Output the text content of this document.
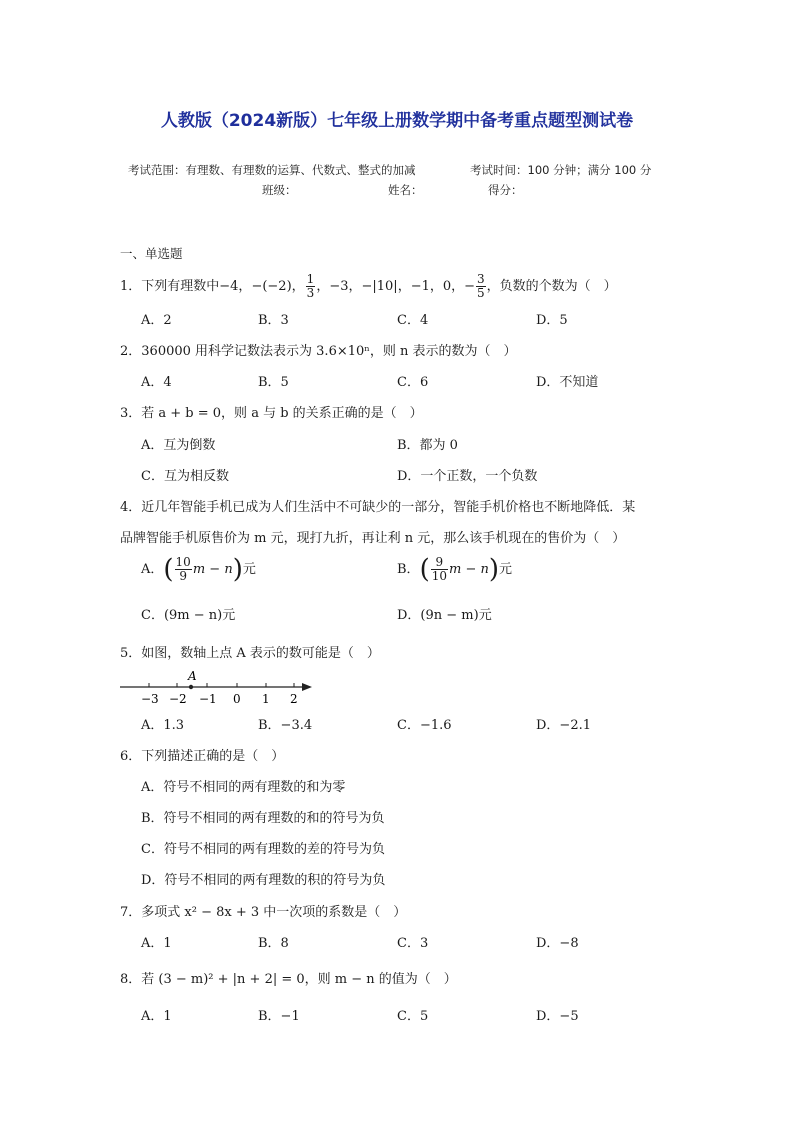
人教版（2024新版）七年级上册数学期中备考重点题型测试卷
考试范围：有理数、有理数的运算、代数式、整式的加减	考试时间：100 分钟；满分 100 分
班级：	姓名：	得分：
一、单选题
1．下列有理数中−4，−(−2)， $\frac{1}{3}$ ，−3，−|10|，−1，0，− $\frac{3}{5}$ ，负数的个数为（　）
A．2	B．3	C．4	D．5
2．360000 用科学记数法表示为 3.6×10ⁿ，则 n 表示的数为（　）
A．4	B．5	C．6	D．不知道
3．若 a + b = 0，则 a 与 b 的关系正确的是（　）
A．互为倒数	B．都为 0
C．互为相反数	D．一个正数，一个负数
4．近几年智能手机已成为人们生活中不可缺少的一部分，智能手机价格也不断地降低．某
品牌智能手机原售价为 m 元，现打九折，再让利 n 元，那么该手机现在的售价为（　）
A．( $\frac{10}{9}$ m − n)元	B．( $\frac{9}{10}$ m − n)元
C．(9m − n)元	D．(9n − m)元
5．如图，数轴上点 A 表示的数可能是（　）
A
−3 −2 −1 0 1 2
A．1.3	B．−3.4	C．−1.6	D．−2.1
6．下列描述正确的是（　）
A．符号不相同的两有理数的和为零
B．符号不相同的两有理数的和的符号为负
C．符号不相同的两有理数的差的符号为负
D．符号不相同的两有理数的积的符号为负
7．多项式 x² − 8x + 3 中一次项的系数是（　）
A．1	B．8	C．3	D．−8
8．若 (3 − m)² + |n + 2| = 0，则 m − n 的值为（　）
A．1	B．−1	C．5	D．−5
